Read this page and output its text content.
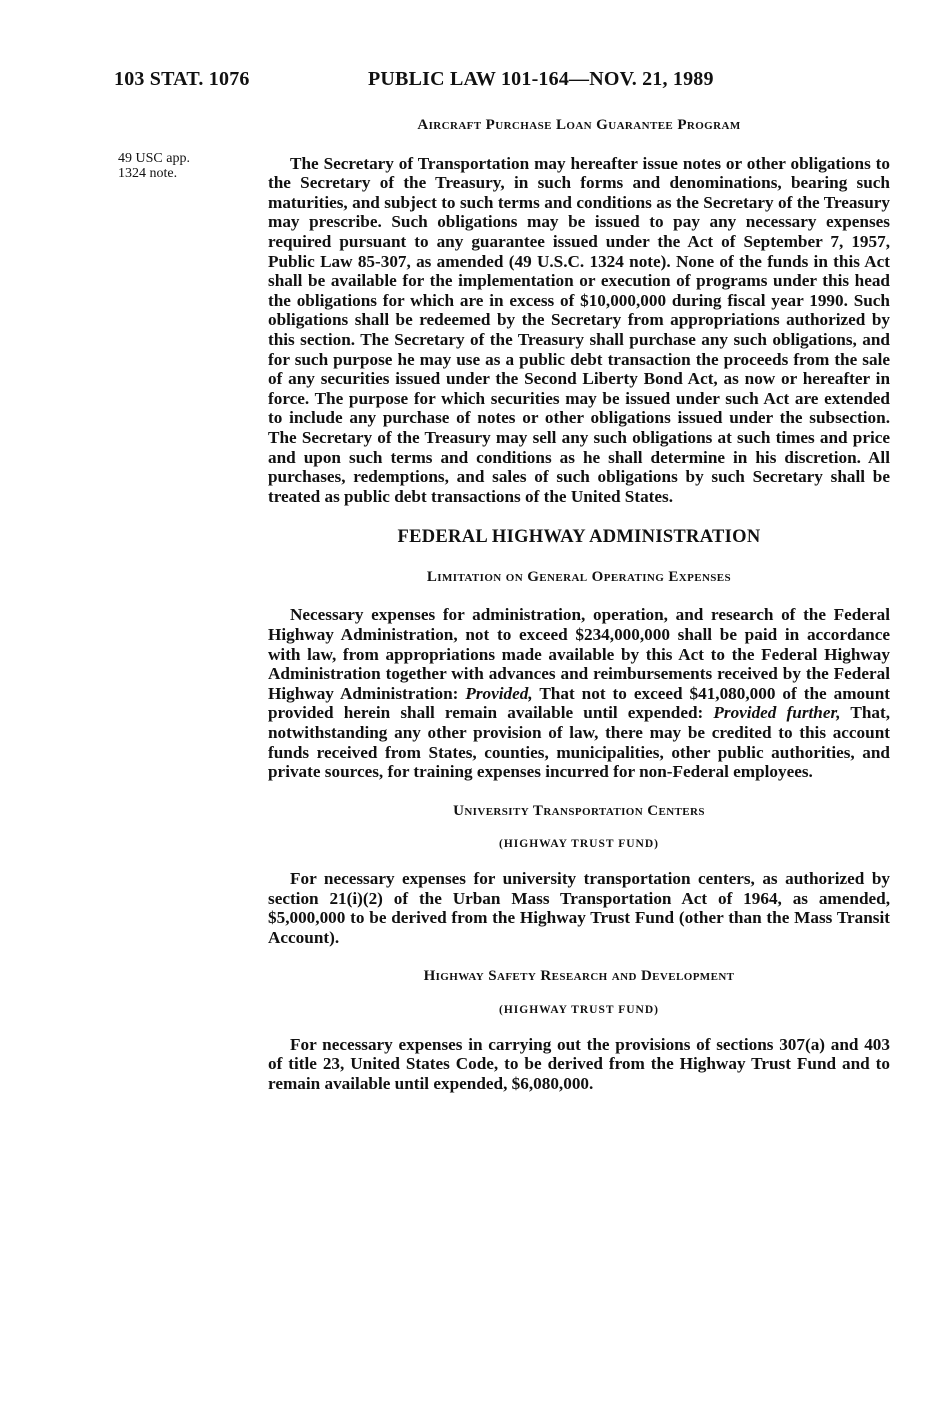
103 STAT. 1076	PUBLIC LAW 101-164—NOV. 21, 1989
49 USC app.
1324 note.
Aircraft Purchase Loan Guarantee Program

The Secretary of Transportation may hereafter issue notes or other obligations to the Secretary of the Treasury, in such forms and denominations, bearing such maturities, and subject to such terms and conditions as the Secretary of the Treasury may prescribe. Such obligations may be issued to pay any necessary expenses required pursuant to any guarantee issued under the Act of September 7, 1957, Public Law 85-307, as amended (49 U.S.C. 1324 note). None of the funds in this Act shall be available for the implementation or execution of programs under this head the obligations for which are in excess of $10,000,000 during fiscal year 1990. Such obligations shall be redeemed by the Secretary from appropriations authorized by this section. The Secretary of the Treasury shall purchase any such obligations, and for such purpose he may use as a public debt transaction the proceeds from the sale of any securities issued under the Second Liberty Bond Act, as now or hereafter in force. The purpose for which securities may be issued under such Act are extended to include any purchase of notes or other obligations issued under the subsection. The Secretary of the Treasury may sell any such obligations at such times and price and upon such terms and conditions as he shall determine in his discretion. All purchases, redemptions, and sales of such obligations by such Secretary shall be treated as public debt transactions of the United States.

FEDERAL HIGHWAY ADMINISTRATION
Limitation on General Operating Expenses

Necessary expenses for administration, operation, and research of the Federal Highway Administration, not to exceed $234,000,000 shall be paid in accordance with law, from appropriations made available by this Act to the Federal Highway Administration together with advances and reimbursements received by the Federal Highway Administration: Provided, That not to exceed $41,080,000 of the amount provided herein shall remain available until expended: Provided further, That, notwithstanding any other provision of law, there may be credited to this account funds received from States, counties, municipalities, other public authorities, and private sources, for training expenses incurred for non-Federal employees.

University Transportation Centers
(HIGHWAY TRUST FUND)

For necessary expenses for university transportation centers, as authorized by section 21(i)(2) of the Urban Mass Transportation Act of 1964, as amended, $5,000,000 to be derived from the Highway Trust Fund (other than the Mass Transit Account).

Highway Safety Research and Development
(HIGHWAY TRUST FUND)

For necessary expenses in carrying out the provisions of sections 307(a) and 403 of title 23, United States Code, to be derived from the Highway Trust Fund and to remain available until expended, $6,080,000.
